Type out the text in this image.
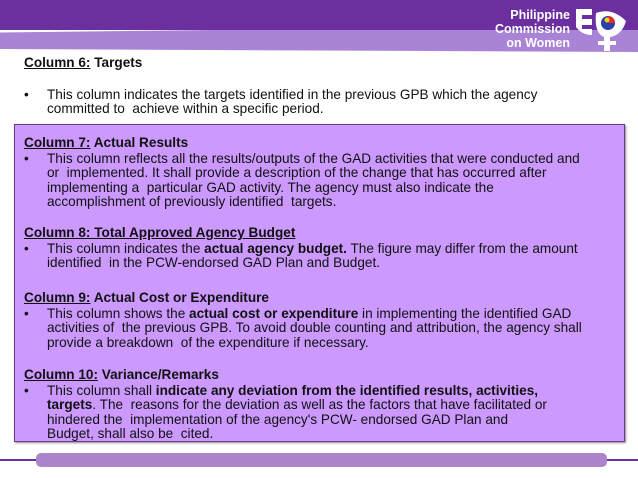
Philippine
Commission
on Women
Column 6: Targets
• This column indicates the targets identified in the previous GPB which the agency
committed to  achieve within a specific period.
Column 7: Actual Results
• This column reflects all the results/outputs of the GAD activities that were conducted and
or  implemented. It shall provide a description of the change that has occurred after
implementing a  particular GAD activity. The agency must also indicate the
accomplishment of previously identified  targets.
Column 8: Total Approved Agency Budget
• This column indicates the actual agency budget. The figure may differ from the amount
identified  in the PCW-endorsed GAD Plan and Budget.
Column 9: Actual Cost or Expenditure
• This column shows the actual cost or expenditure in implementing the identified GAD
activities of  the previous GPB. To avoid double counting and attribution, the agency shall
provide a breakdown  of the expenditure if necessary.
Column 10: Variance/Remarks
• This column shall indicate any deviation from the identified results, activities,
targets. The  reasons for the deviation as well as the factors that have facilitated or
hindered the  implementation of the agency's PCW- endorsed GAD Plan and
Budget, shall also be  cited.
